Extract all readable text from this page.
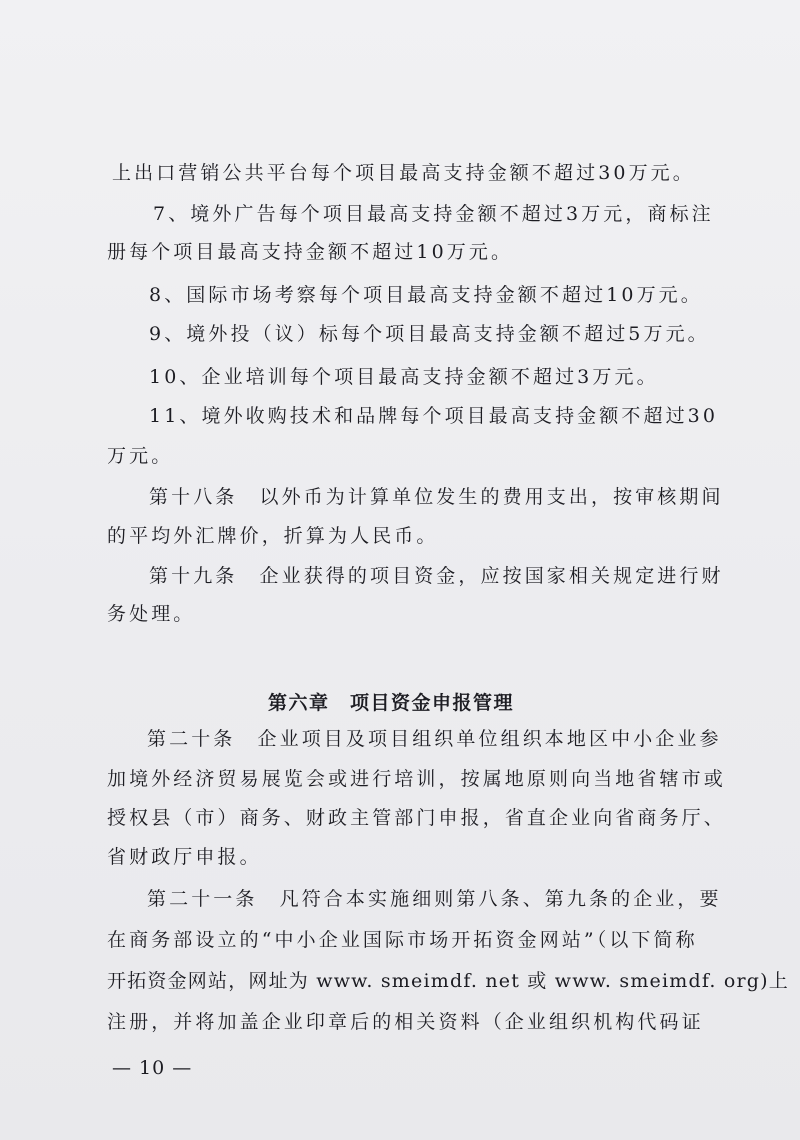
上出口营销公共平台每个项目最高支持金额不超过30万元。
7、境外广告每个项目最高支持金额不超过3万元，商标注
册每个项目最高支持金额不超过10万元。
8、国际市场考察每个项目最高支持金额不超过10万元。
9、境外投（议）标每个项目最高支持金额不超过5万元。
10、企业培训每个项目最高支持金额不超过3万元。
11、境外收购技术和品牌每个项目最高支持金额不超过30
万元。
第十八条　以外币为计算单位发生的费用支出，按审核期间
的平均外汇牌价，折算为人民币。
第十九条　企业获得的项目资金，应按国家相关规定进行财
务处理。
第六章　项目资金申报管理
第二十条　企业项目及项目组织单位组织本地区中小企业参
加境外经济贸易展览会或进行培训，按属地原则向当地省辖市或
授权县（市）商务、财政主管部门申报，省直企业向省商务厅、
省财政厅申报。
第二十一条　凡符合本实施细则第八条、第九条的企业，要
在商务部设立的“中小企业国际市场开拓资金网站”（以下简称
开拓资金网站，网址为 www. smeimdf. net 或 www. smeimdf. org)上
注册，并将加盖企业印章后的相关资料（企业组织机构代码证
— 10 —
